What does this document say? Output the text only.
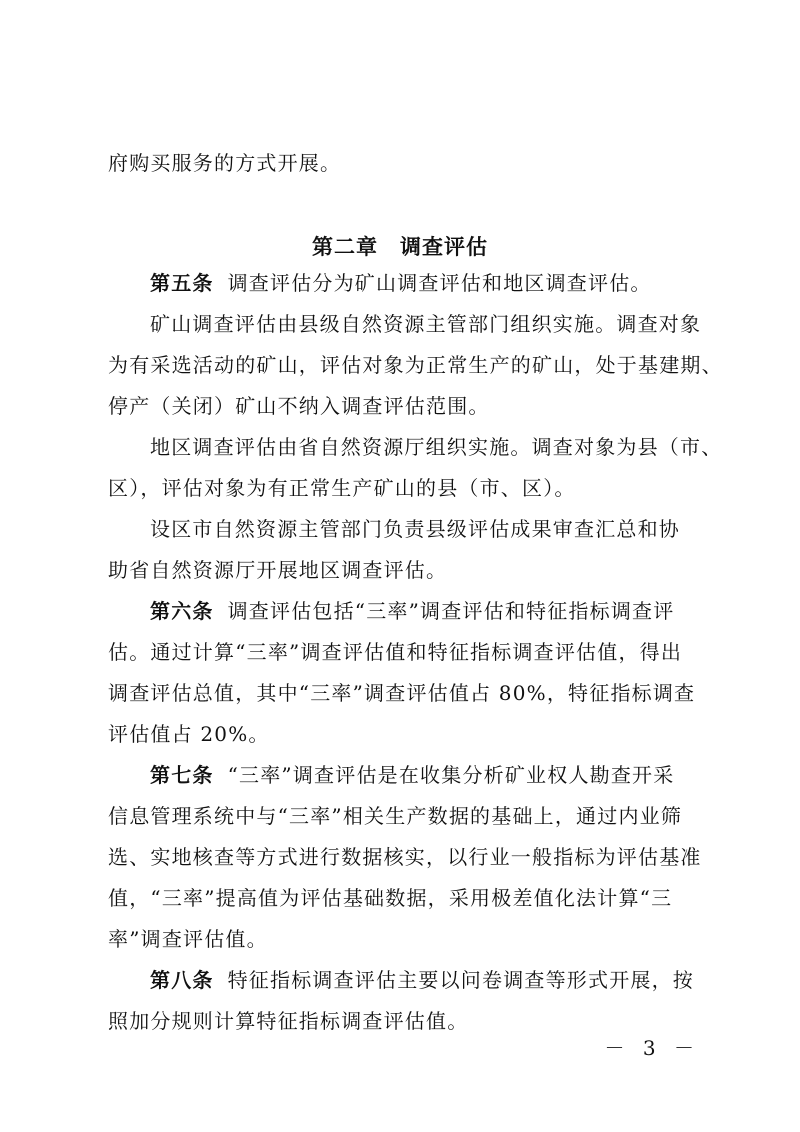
府购买服务的方式开展。
第二章　调查评估
第五条 调查评估分为矿山调查评估和地区调查评估。
矿山调查评估由县级自然资源主管部门组织实施。调查对象
为有采选活动的矿山，评估对象为正常生产的矿山，处于基建期、
停产（关闭）矿山不纳入调查评估范围。
地区调查评估由省自然资源厅组织实施。调查对象为县（市、
区），评估对象为有正常生产矿山的县（市、区）。
设区市自然资源主管部门负责县级评估成果审查汇总和协
助省自然资源厅开展地区调查评估。
第六条 调查评估包括“三率”调查评估和特征指标调查评
估。通过计算“三率”调查评估值和特征指标调查评估值，得出
调查评估总值，其中“三率”调查评估值占 80%，特征指标调查
评估值占 20%。
第七条 “三率”调查评估是在收集分析矿业权人勘查开采
信息管理系统中与“三率”相关生产数据的基础上，通过内业筛
选、实地核查等方式进行数据核实，以行业一般指标为评估基准
值，“三率”提高值为评估基础数据，采用极差值化法计算“三
率”调查评估值。
第八条 特征指标调查评估主要以问卷调查等形式开展，按
照加分规则计算特征指标调查评估值。
－ 3 －
